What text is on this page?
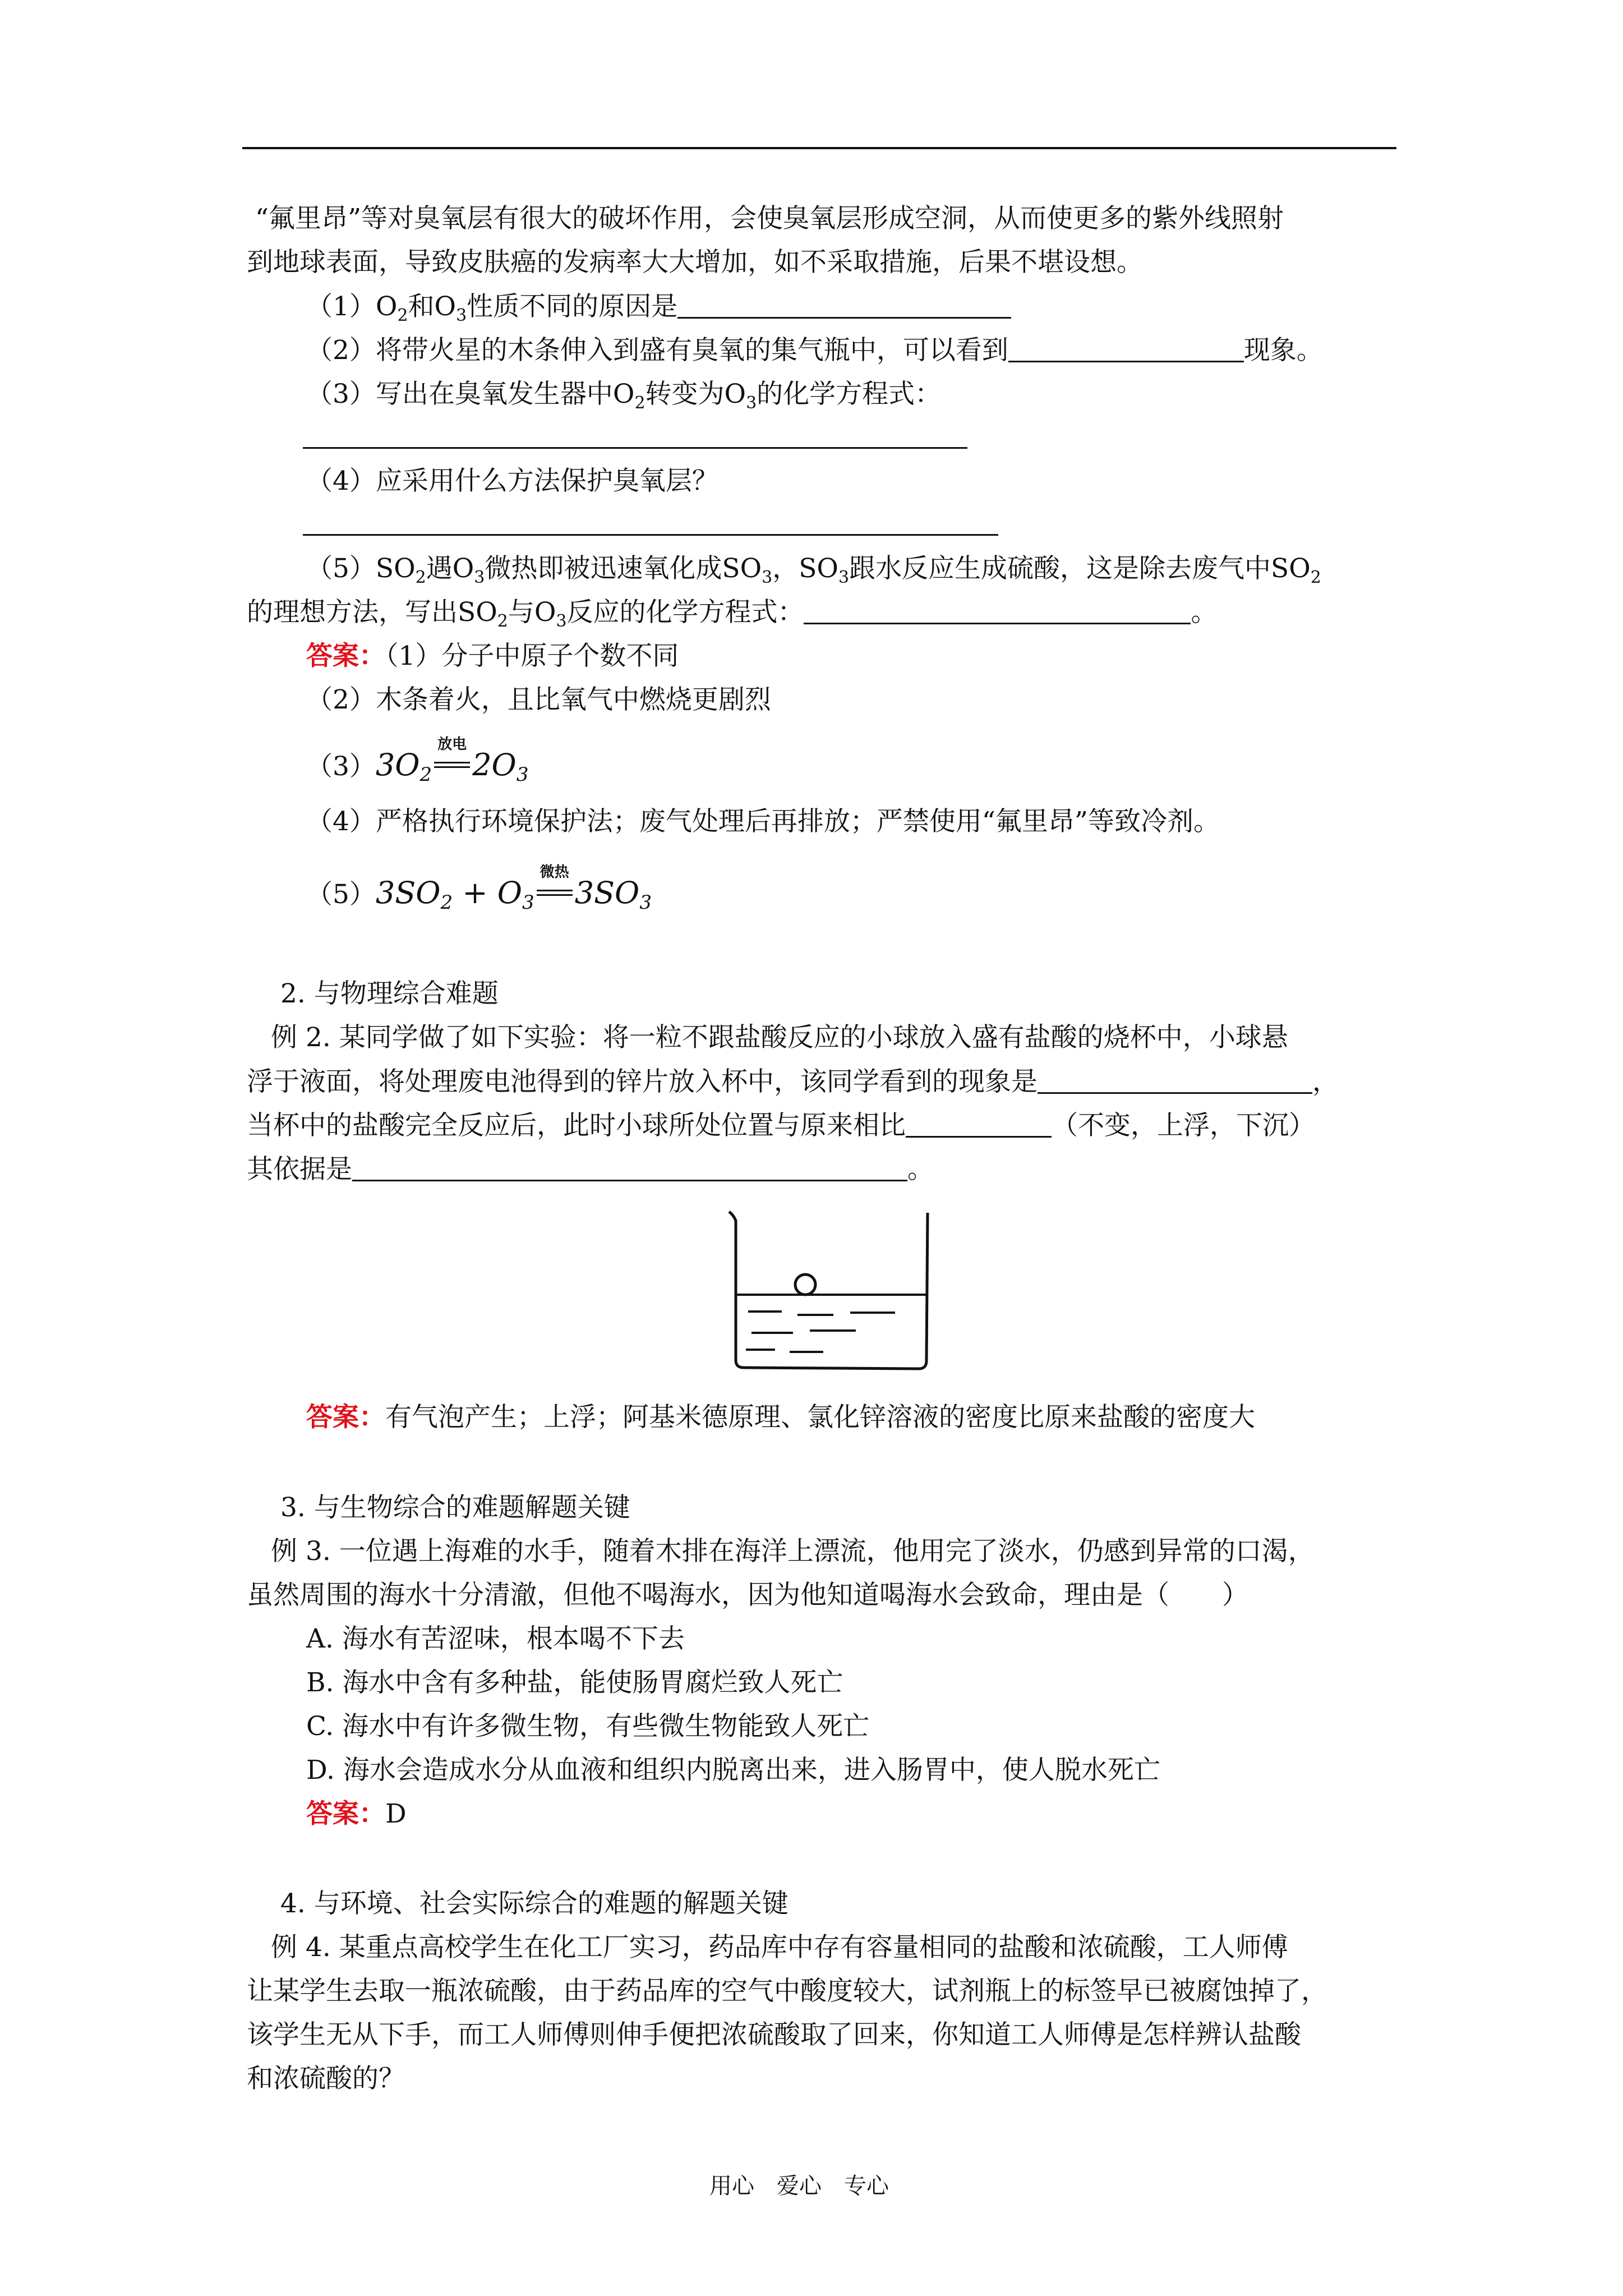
“氟里昂”等对臭氧层有很大的破坏作用，会使臭氧层形成空洞，从而使更多的紫外线照射
到地球表面，导致皮肤癌的发病率大大增加，如不采取措施，后果不堪设想。
$(1)O_2$和$O_3$性质不同的原因是
（2）将带火星的木条伸入到盛有臭氧的集气瓶中，可以看到	现象。
（3）写出在臭氧发生器中$O_2$转变为$O_3$的化学方程式：
（4）应采用什么方法保护臭氧层？
$(5)SO_2$遇$O_3$微热即被迅速氧化成$SO_3$，$SO_3$跟水反应生成硫酸，这是除去废气中$SO_2$
的理想方法，写出$SO_2$与$O_3$反应的化学方程式：	。
答案：（1）分子中原子个数不同
（2）木条着火，且比氧气中燃烧更剧烈
$(3)3O_2$
放电
$2O_3$
（4）严格执行环境保护法；废气处理后再排放；严禁使用“氟里昂”等致冷剂。
$(5)3SO_2 + O_3$
微热
$3SO_3$
2. 与物理综合难题
例 2. 某同学做了如下实验：将一粒不跟盐酸反应的小球放入盛有盐酸的烧杯中，小球悬
浮于液面，将处理废电池得到的锌片放入杯中，该同学看到的现象是	，
当杯中的盐酸完全反应后，此时小球所处位置与原来相比	（不变，上浮，下沉）
其依据是	。
答案：有气泡产生；上浮；阿基米德原理、氯化锌溶液的密度比原来盐酸的密度大
3. 与生物综合的难题解题关键
例 3. 一位遇上海难的水手，随着木排在海洋上漂流，他用完了淡水，仍感到异常的口渴，
虽然周围的海水十分清澈，但他不喝海水，因为他知道喝海水会致命，理由是（　　）
A. 海水有苦涩味，根本喝不下去
B. 海水中含有多种盐，能使肠胃腐烂致人死亡
C. 海水中有许多微生物，有些微生物能致人死亡
D. 海水会造成水分从血液和组织内脱离出来，进入肠胃中，使人脱水死亡
答案：D
4. 与环境、社会实际综合的难题的解题关键
例 4. 某重点高校学生在化工厂实习，药品库中存有容量相同的盐酸和浓硫酸，工人师傅
让某学生去取一瓶浓硫酸，由于药品库的空气中酸度较大，试剂瓶上的标签早已被腐蚀掉了，
该学生无从下手，而工人师傅则伸手便把浓硫酸取了回来，你知道工人师傅是怎样辨认盐酸
和浓硫酸的？
用心　爱心　专心
